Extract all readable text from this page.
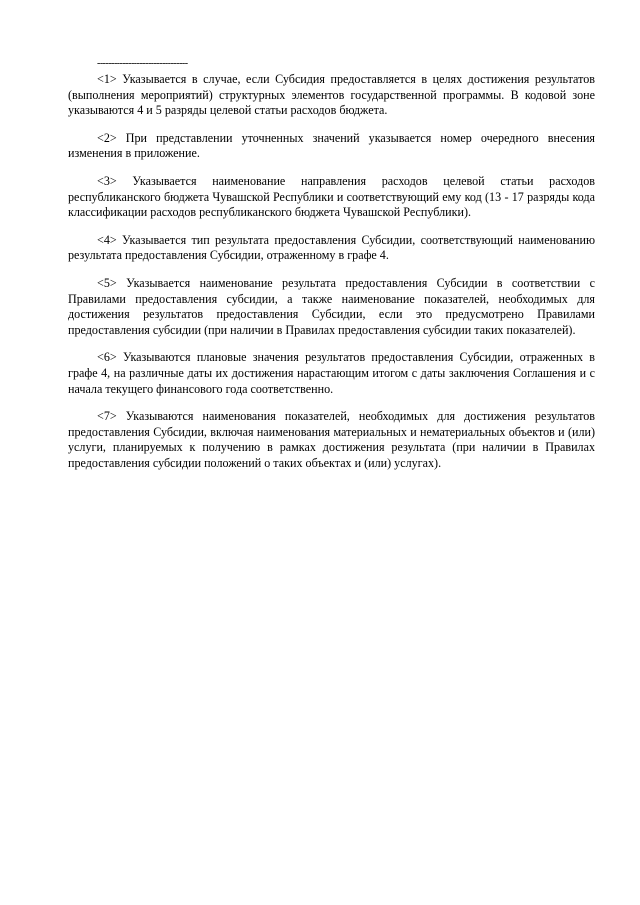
--------------------------------

<1> Указывается в случае, если Субсидия предоставляется в целях достижения результатов (выполнения мероприятий) структурных элементов государственной программы. В кодовой зоне указываются 4 и 5 разряды целевой статьи расходов бюджета.

<2> При представлении уточненных значений указывается номер очередного внесения изменения в приложение.

<3> Указывается наименование направления расходов целевой статьи расходов республиканского бюджета Чувашской Республики и соответствующий ему код (13 - 17 разряды кода классификации расходов республиканского бюджета Чувашской Республики).

<4> Указывается тип результата предоставления Субсидии, соответствующий наименованию результата предоставления Субсидии, отраженному в графе 4.

<5> Указывается наименование результата предоставления Субсидии в соответствии с Правилами предоставления субсидии, а также наименование показателей, необходимых для достижения результатов предоставления Субсидии, если это предусмотрено Правилами предоставления субсидии (при наличии в Правилах предоставления субсидии таких показателей).

<6> Указываются плановые значения результатов предоставления Субсидии, отраженных в графе 4, на различные даты их достижения нарастающим итогом с даты заключения Соглашения и с начала текущего финансового года соответственно.

<7> Указываются наименования показателей, необходимых для достижения результатов предоставления Субсидии, включая наименования материальных и нематериальных объектов и (или) услуги, планируемых к получению в рамках достижения результата (при наличии в Правилах предоставления субсидии положений о таких объектах и (или) услугах).
